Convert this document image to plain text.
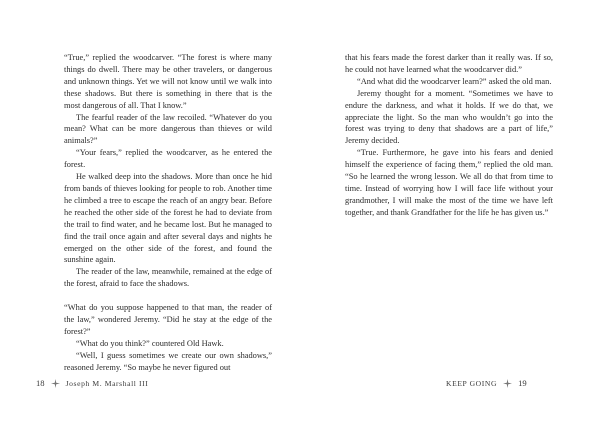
“True,” replied the woodcarver. “The forest is where many things do dwell. There may be other travelers, or dangerous and unknown things. Yet we will not know until we walk into these shadows. But there is something in there that is the most dangerous of all. That I know.”

The fearful reader of the law recoiled. “Whatever do you mean? What can be more dangerous than thieves or wild animals?”

“Your fears,” replied the woodcarver, as he entered the forest.

He walked deep into the shadows. More than once he hid from bands of thieves looking for people to rob. Another time he climbed a tree to escape the reach of an angry bear. Before he reached the other side of the forest he had to deviate from the trail to find water, and he became lost. But he managed to find the trail once again and after several days and nights he emerged on the other side of the forest, and found the sunshine again.

The reader of the law, meanwhile, remained at the edge of the forest, afraid to face the shadows.

“What do you suppose happened to that man, the reader of the law,” wondered Jeremy. “Did he stay at the edge of the forest?”

“What do you think?” countered Old Hawk.

“Well, I guess sometimes we create our own shadows,” reasoned Jeremy. “So maybe he never figured out

18	Joseph M. Marshall III

that his fears made the forest darker than it really was. If so, he could not have learned what the woodcarver did.”

“And what did the woodcarver learn?” asked the old man.

Jeremy thought for a moment. “Sometimes we have to endure the darkness, and what it holds. If we do that, we appreciate the light. So the man who wouldn’t go into the forest was trying to deny that shadows are a part of life,” Jeremy decided.

“True. Furthermore, he gave into his fears and denied himself the experience of facing them,” replied the old man. “So he learned the wrong lesson. We all do that from time to time. Instead of worrying how I will face life without your grandmother, I will make the most of the time we have left together, and thank Grandfather for the life he has given us.”

KEEP GOING 19
